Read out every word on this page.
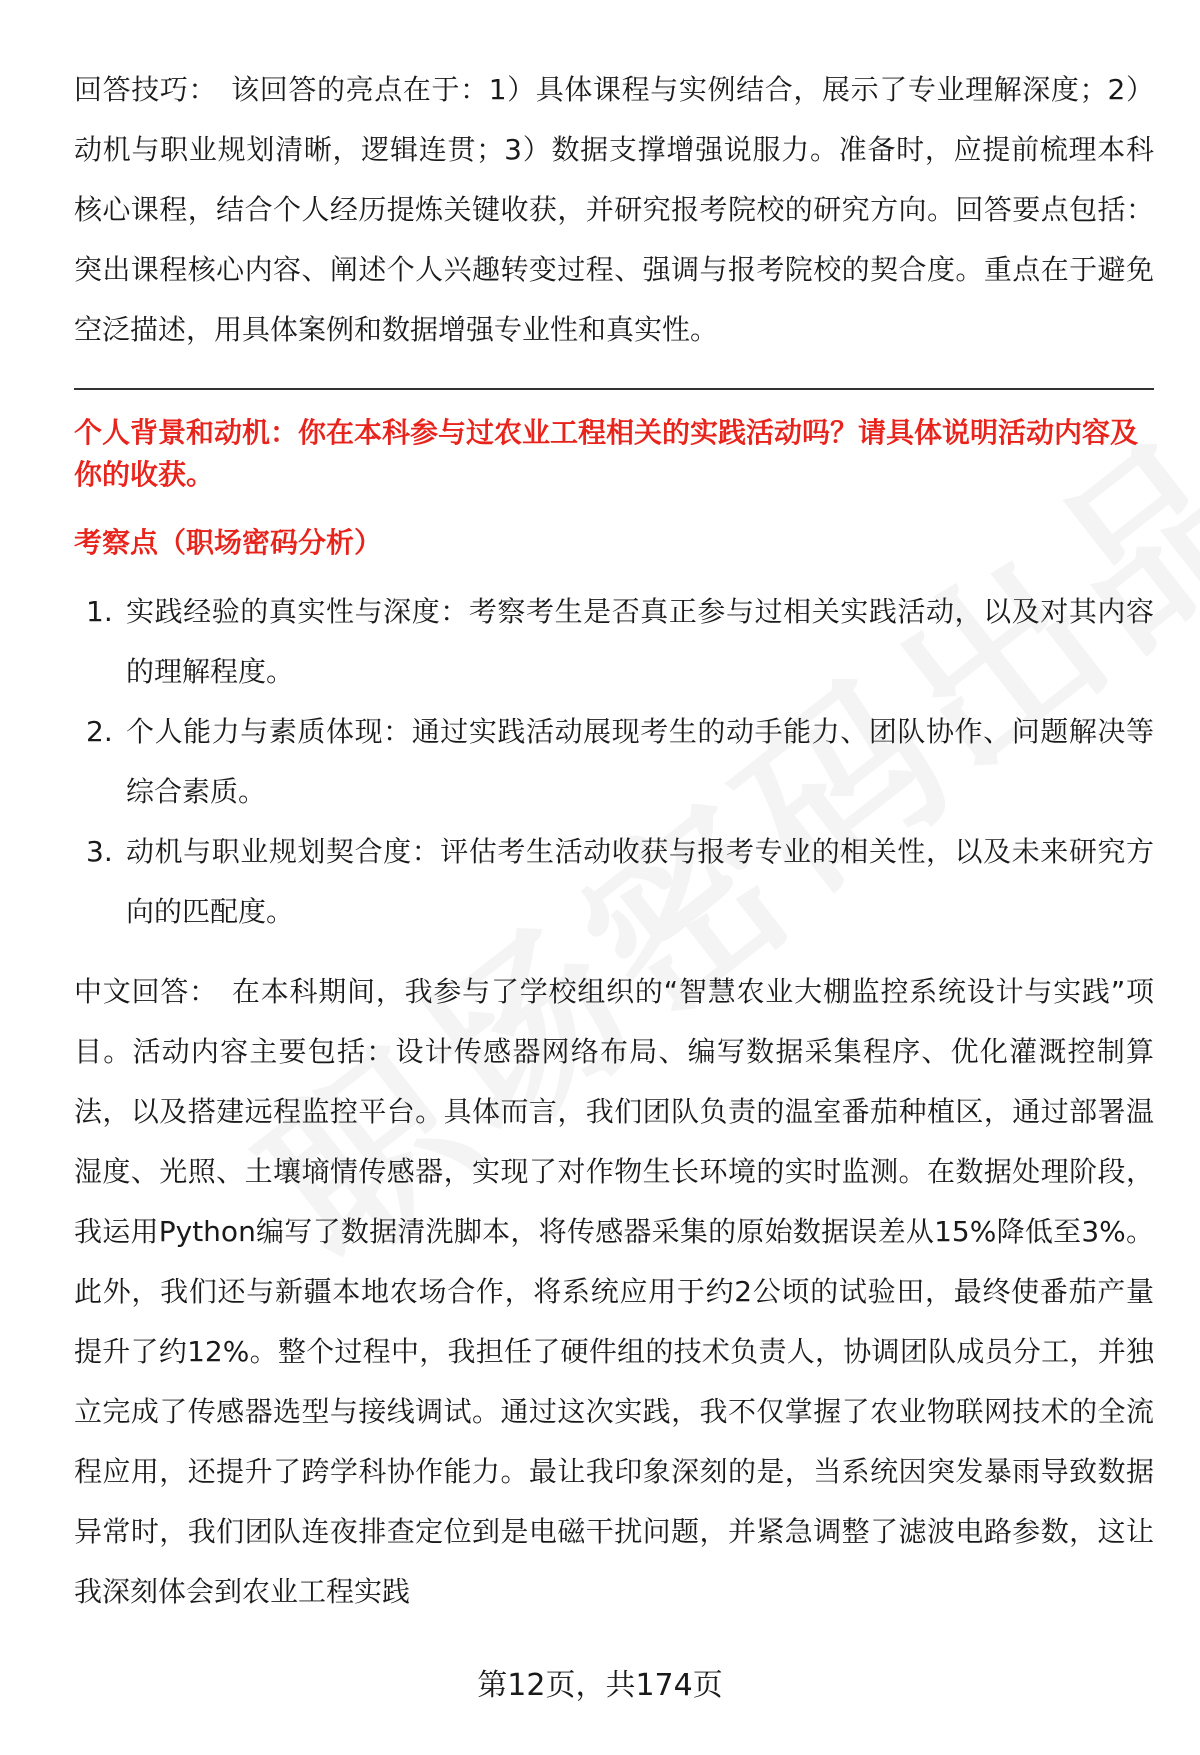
回答技巧： 该回答的亮点在于：1）具体课程与实例结合，展示了专业理解深度；2）动机与职业规划清晰，逻辑连贯；3）数据支撑增强说服力。准备时，应提前梳理本科核心课程，结合个人经历提炼关键收获，并研究报考院校的研究方向。回答要点包括：突出课程核心内容、阐述个人兴趣转变过程、强调与报考院校的契合度。重点在于避免空泛描述，用具体案例和数据增强专业性和真实性。

个人背景和动机：你在本科参与过农业工程相关的实践活动吗？请具体说明活动内容及你的收获。

考察点（职场密码分析）

1. 实践经验的真实性与深度：考察考生是否真正参与过相关实践活动，以及对其内容的理解程度。
2. 个人能力与素质体现：通过实践活动展现考生的动手能力、团队协作、问题解决等综合素质。
3. 动机与职业规划契合度：评估考生活动收获与报考专业的相关性，以及未来研究方向的匹配度。

中文回答： 在本科期间，我参与了学校组织的“智慧农业大棚监控系统设计与实践”项目。活动内容主要包括：设计传感器网络布局、编写数据采集程序、优化灌溉控制算法，以及搭建远程监控平台。具体而言，我们团队负责的温室番茄种植区，通过部署温湿度、光照、土壤墒情传感器，实现了对作物生长环境的实时监测。在数据处理阶段，我运用Python编写了数据清洗脚本，将传感器采集的原始数据误差从15%降低至3%。此外，我们还与新疆本地农场合作，将系统应用于约2公顷的试验田，最终使番茄产量提升了约12%。整个过程中，我担任了硬件组的技术负责人，协调团队成员分工，并独立完成了传感器选型与接线调试。通过这次实践，我不仅掌握了农业物联网技术的全流程应用，还提升了跨学科协作能力。最让我印象深刻的是，当系统因突发暴雨导致数据异常时，我们团队连夜排查定位到是电磁干扰问题，并紧急调整了滤波电路参数，这让我深刻体会到农业工程实践

第12页，共174页
